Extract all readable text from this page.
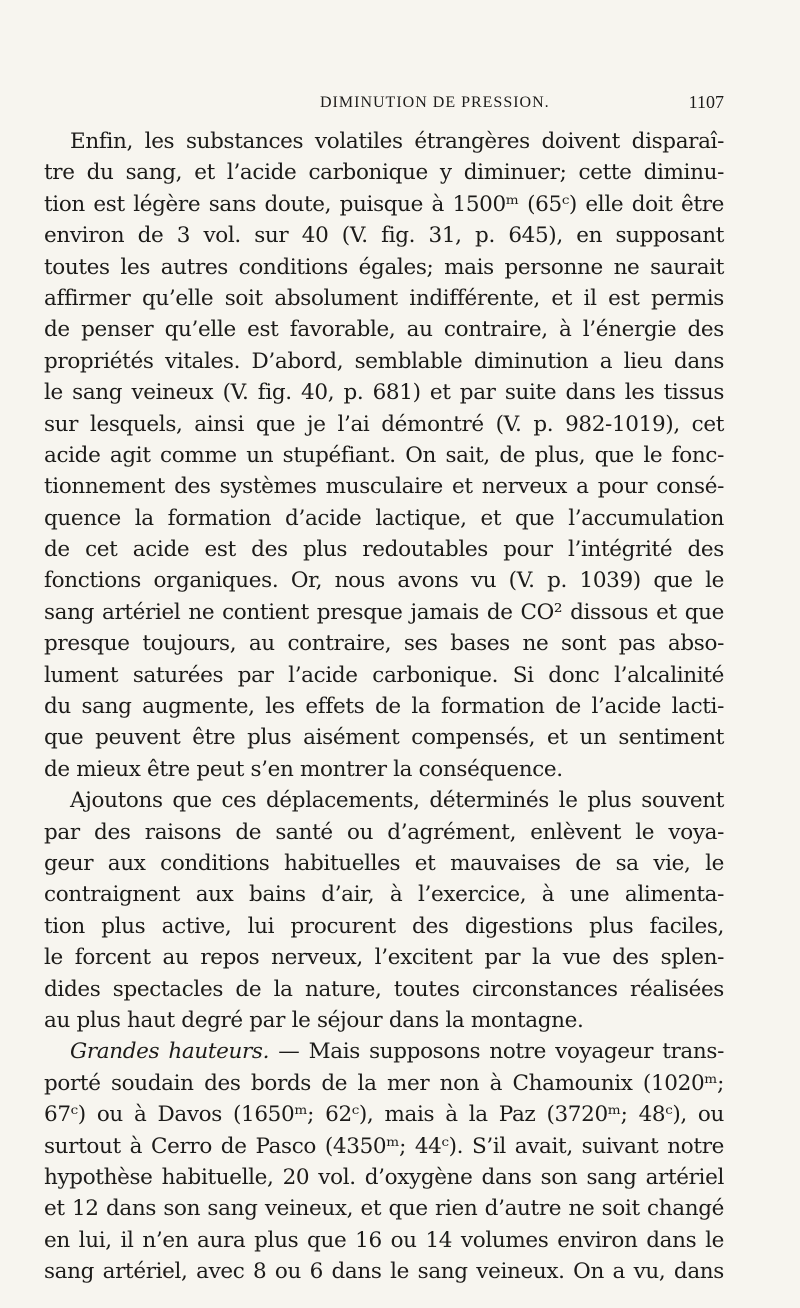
DIMINUTION DE PRESSION.	1107
Enfin, les substances volatiles étrangères doivent disparaî-
tre du sang, et l’acide carbonique y diminuer; cette diminu-
tion est légère sans doute, puisque à 1500ᵐ (65ᶜ) elle doit être
environ de 3 vol. sur 40 (V. fig. 31, p. 645), en supposant
toutes les autres conditions égales; mais personne ne saurait
affirmer qu’elle soit absolument indifférente, et il est permis
de penser qu’elle est favorable, au contraire, à l’énergie des
propriétés vitales. D’abord, semblable diminution a lieu dans
le sang veineux (V. fig. 40, p. 681) et par suite dans les tissus
sur lesquels, ainsi que je l’ai démontré (V. p. 982-1019), cet
acide agit comme un stupéfiant. On sait, de plus, que le fonc-
tionnement des systèmes musculaire et nerveux a pour consé-
quence la formation d’acide lactique, et que l’accumulation
de cet acide est des plus redoutables pour l’intégrité des
fonctions organiques. Or, nous avons vu (V. p. 1039) que le
sang artériel ne contient presque jamais de CO² dissous et que
presque toujours, au contraire, ses bases ne sont pas abso-
lument saturées par l’acide carbonique. Si donc l’alcalinité
du sang augmente, les effets de la formation de l’acide lacti-
que peuvent être plus aisément compensés, et un sentiment
de mieux être peut s’en montrer la conséquence.
Ajoutons que ces déplacements, déterminés le plus souvent
par des raisons de santé ou d’agrément, enlèvent le voya-
geur aux conditions habituelles et mauvaises de sa vie, le
contraignent aux bains d’air, à l’exercice, à une alimenta-
tion plus active, lui procurent des digestions plus faciles,
le forcent au repos nerveux, l’excitent par la vue des splen-
dides spectacles de la nature, toutes circonstances réalisées
au plus haut degré par le séjour dans la montagne.
Grandes hauteurs. — Mais supposons notre voyageur trans-
porté soudain des bords de la mer non à Chamounix (1020ᵐ;
67ᶜ) ou à Davos (1650ᵐ; 62ᶜ), mais à la Paz (3720ᵐ; 48ᶜ), ou
surtout à Cerro de Pasco (4350ᵐ; 44ᶜ). S’il avait, suivant notre
hypothèse habituelle, 20 vol. d’oxygène dans son sang artériel
et 12 dans son sang veineux, et que rien d’autre ne soit changé
en lui, il n’en aura plus que 16 ou 14 volumes environ dans le
sang artériel, avec 8 ou 6 dans le sang veineux. On a vu, dans
